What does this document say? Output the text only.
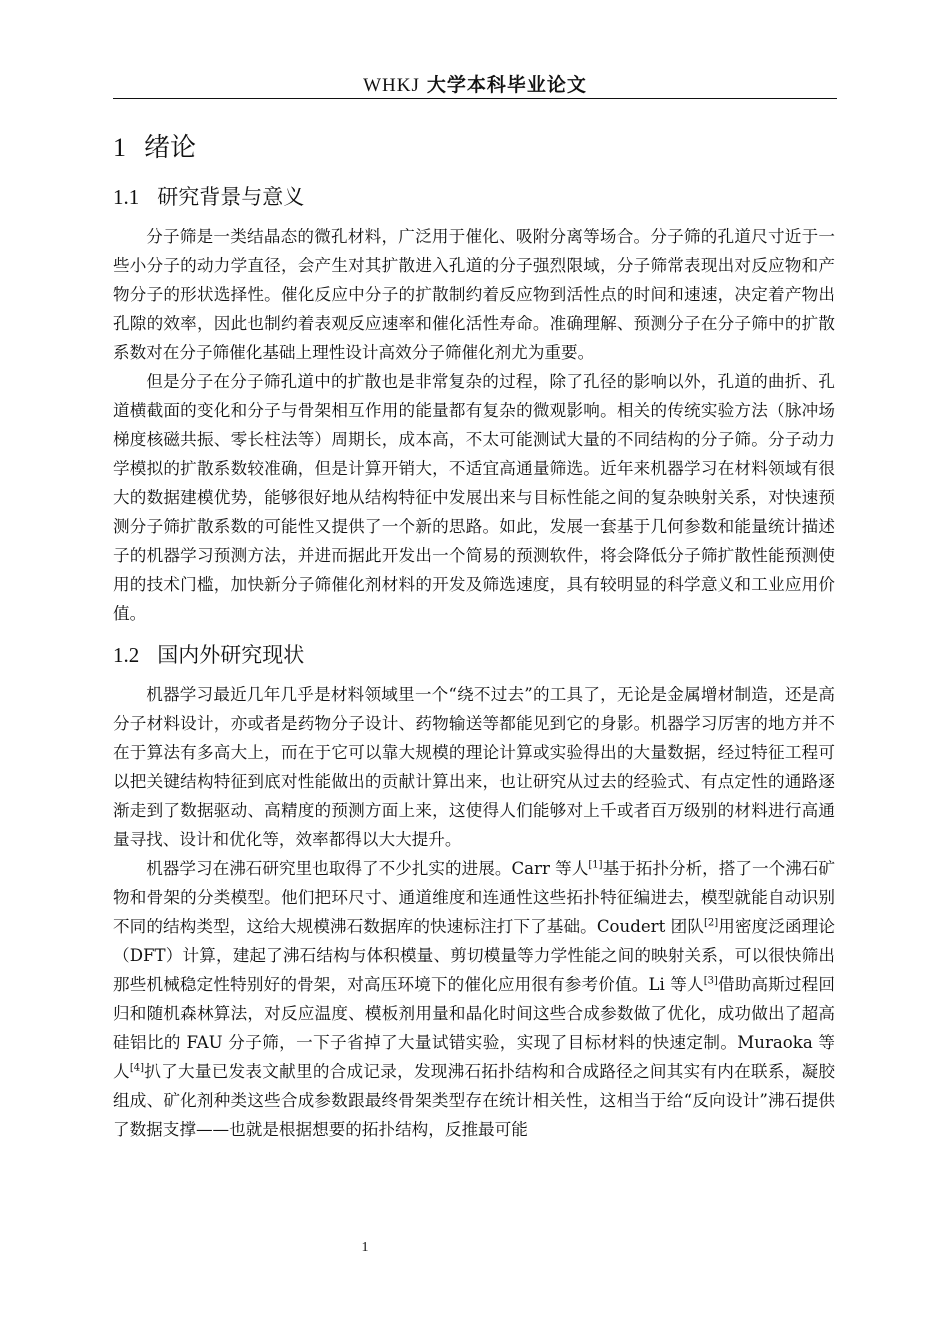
WHKJ 大学本科毕业论文
1 绪论
1.1 研究背景与意义

分子筛是一类结晶态的微孔材料，广泛用于催化、吸附分离等场合。分子筛的孔道尺寸近于一些小分子的动力学直径，会产生对其扩散进入孔道的分子强烈限域，分子筛常表现出对反应物和产物分子的形状选择性。催化反应中分子的扩散制约着反应物到活性点的时间和速速，决定着产物出孔隙的效率，因此也制约着表观反应速率和催化活性寿命。准确理解、预测分子在分子筛中的扩散系数对在分子筛催化基础上理性设计高效分子筛催化剂尤为重要。

但是分子在分子筛孔道中的扩散也是非常复杂的过程，除了孔径的影响以外，孔道的曲折、孔道横截面的变化和分子与骨架相互作用的能量都有复杂的微观影响。相关的传统实验方法（脉冲场梯度核磁共振、零长柱法等）周期长，成本高，不太可能测试大量的不同结构的分子筛。分子动力学模拟的扩散系数较准确，但是计算开销大，不适宜高通量筛选。近年来机器学习在材料领域有很大的数据建模优势，能够很好地从结构特征中发展出来与目标性能之间的复杂映射关系，对快速预测分子筛扩散系数的可能性又提供了一个新的思路。如此，发展一套基于几何参数和能量统计描述子的机器学习预测方法，并进而据此开发出一个简易的预测软件，将会降低分子筛扩散性能预测使用的技术门槛，加快新分子筛催化剂材料的开发及筛选速度，具有较明显的科学意义和工业应用价值。

1.2 国内外研究现状

机器学习最近几年几乎是材料领域里一个“绕不过去”的工具了，无论是金属增材制造，还是高分子材料设计，亦或者是药物分子设计、药物输送等都能见到它的身影。机器学习厉害的地方并不在于算法有多高大上，而在于它可以靠大规模的理论计算或实验得出的大量数据，经过特征工程可以把关键结构特征到底对性能做出的贡献计算出来，也让研究从过去的经验式、有点定性的通路逐渐走到了数据驱动、高精度的预测方面上来，这使得人们能够对上千或者百万级别的材料进行高通量寻找、设计和优化等，效率都得以大大提升。

机器学习在沸石研究里也取得了不少扎实的进展。Carr 等人[1]基于拓扑分析，搭了一个沸石矿物和骨架的分类模型。他们把环尺寸、通道维度和连通性这些拓扑特征编进去，模型就能自动识别不同的结构类型，这给大规模沸石数据库的快速标注打下了基础。Coudert 团队[2]用密度泛函理论（DFT）计算，建起了沸石结构与体积模量、剪切模量等力学性能之间的映射关系，可以很快筛出那些机械稳定性特别好的骨架，对高压环境下的催化应用很有参考价值。Li 等人[3]借助高斯过程回归和随机森林算法，对反应温度、模板剂用量和晶化时间这些合成参数做了优化，成功做出了超高硅铝比的 FAU 分子筛，一下子省掉了大量试错实验，实现了目标材料的快速定制。Muraoka 等人[4]扒了大量已发表文献里的合成记录，发现沸石拓扑结构和合成路径之间其实有内在联系，凝胶组成、矿化剂种类这些合成参数跟最终骨架类型存在统计相关性，这相当于给“反向设计”沸石提供了数据支撑——也就是根据想要的拓扑结构，反推最可能

1
